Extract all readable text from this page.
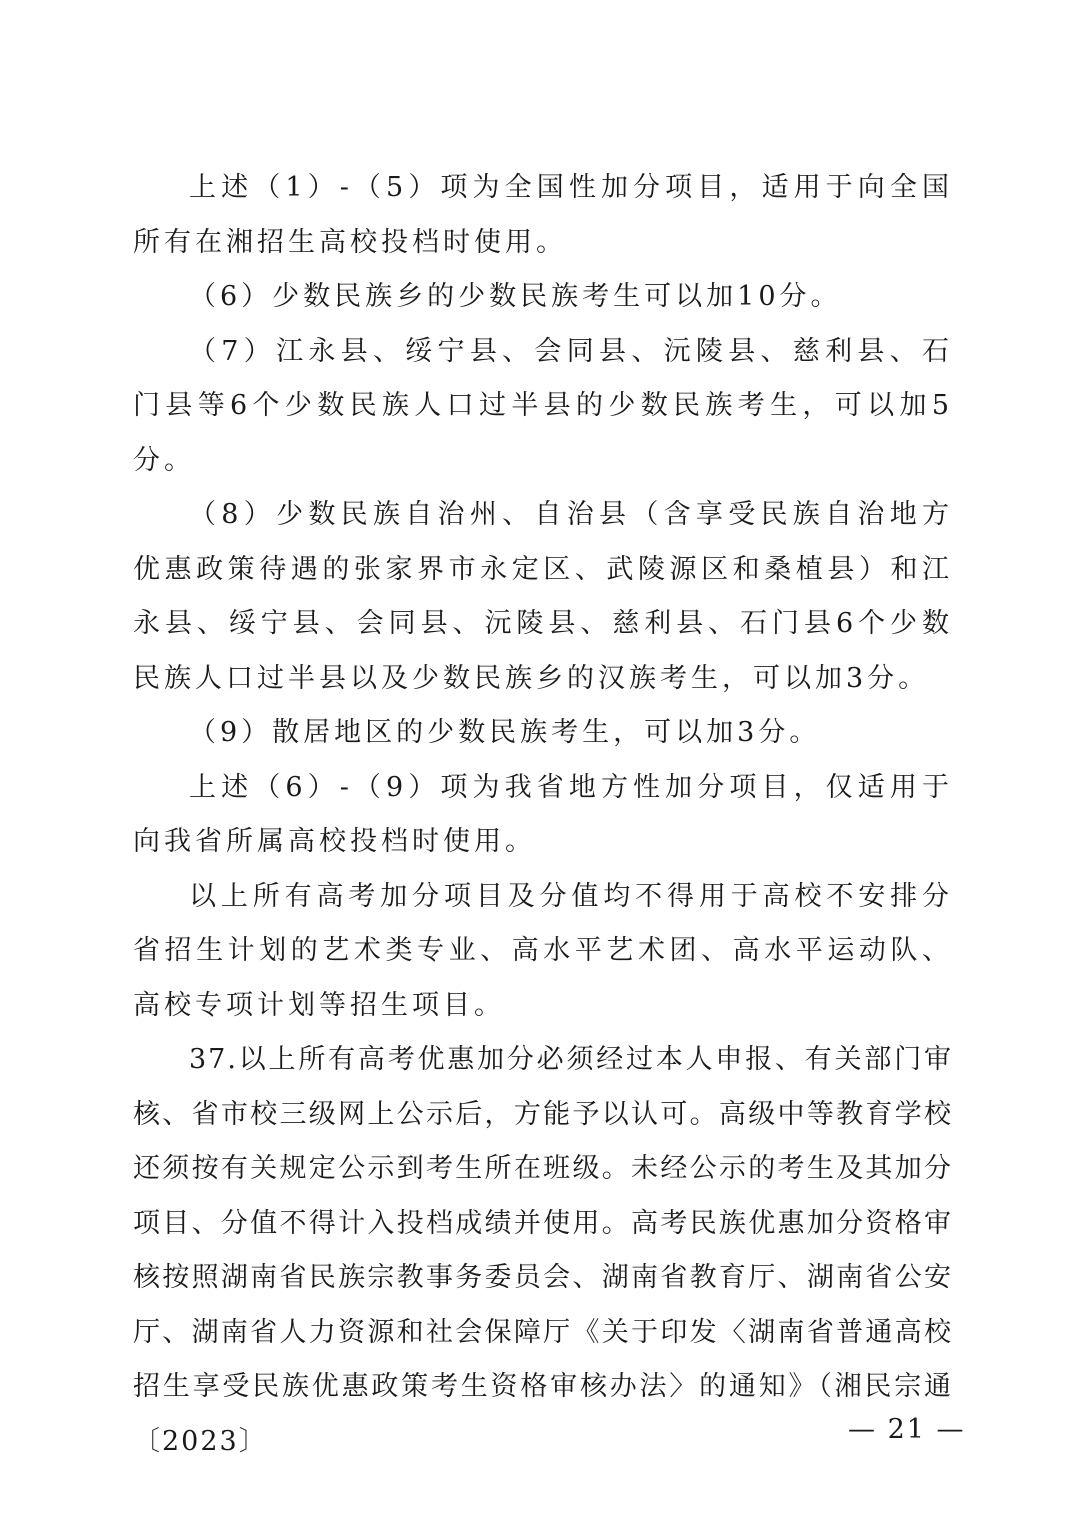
上述（1）-（5）项为全国性加分项目，适用于向全国所有在湘招生高校投档时使用。

（6）少数民族乡的少数民族考生可以加10分。

（7）江永县、绥宁县、会同县、沅陵县、慈利县、石门县等6个少数民族人口过半县的少数民族考生，可以加5分。

（8）少数民族自治州、自治县（含享受民族自治地方优惠政策待遇的张家界市永定区、武陵源区和桑植县）和江永县、绥宁县、会同县、沅陵县、慈利县、石门县6个少数民族人口过半县以及少数民族乡的汉族考生，可以加3分。

（9）散居地区的少数民族考生，可以加3分。

上述（6）-（9）项为我省地方性加分项目，仅适用于向我省所属高校投档时使用。

以上所有高考加分项目及分值均不得用于高校不安排分省招生计划的艺术类专业、高水平艺术团、高水平运动队、高校专项计划等招生项目。

37.以上所有高考优惠加分必须经过本人申报、有关部门审核、省市校三级网上公示后，方能予以认可。高级中等教育学校还须按有关规定公示到考生所在班级。未经公示的考生及其加分项目、分值不得计入投档成绩并使用。高考民族优惠加分资格审核按照湖南省民族宗教事务委员会、湖南省教育厅、湖南省公安厅、湖南省人力资源和社会保障厅《关于印发〈湖南省普通高校招生享受民族优惠政策考生资格审核办法〉的通知》（湘民宗通〔2023〕	— 21 —
